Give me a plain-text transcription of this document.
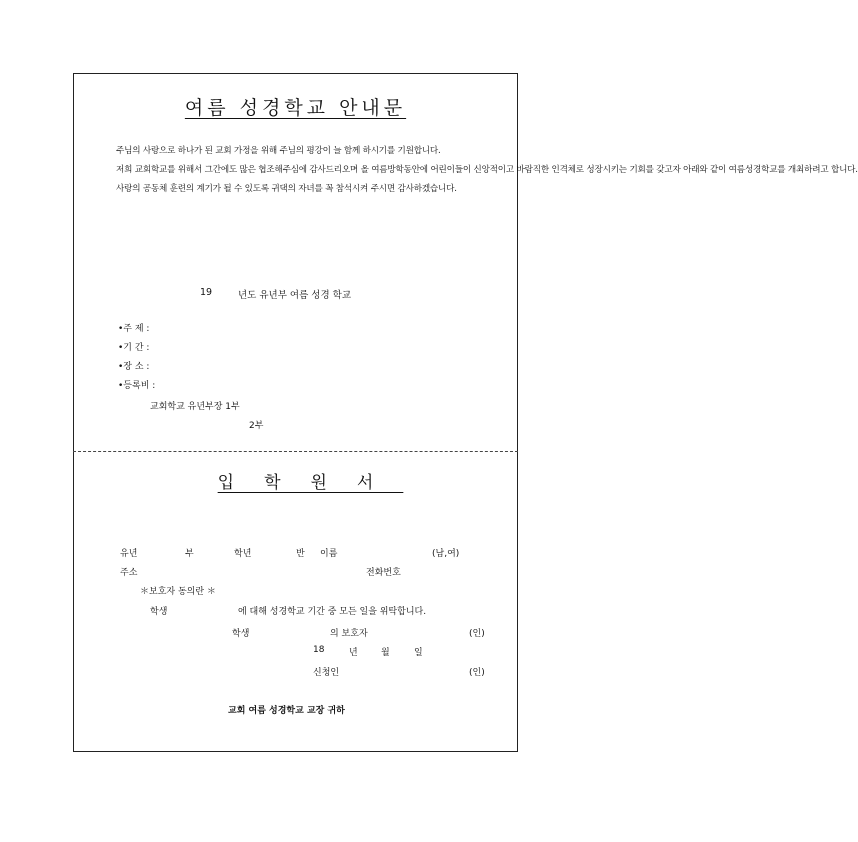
여름 성경학교 안내문

주님의 사랑으로 하나가 된 교회 가정을 위해 주님의 평강이 늘 함께 하시기를 기원합니다.

저희 교회학교를 위해서 그간에도 많은 협조해주심에 감사드리오며 올 여름방학동안에 어린이들이 신앙적이고 바람직한 인격체로 성장시키는 기회를 갖고자 아래와 같이 여름성경학교를 개최하려고 합니다.

사랑의 공동체 훈련의 계기가 될 수 있도록 귀댁의 자녀를 꼭 참석시켜 주시면 감사하겠습니다.

19	년도 유년부 여름 성경 학교
•주 제 :
•기 간 :
•장 소 :
•등록비 :
교회학교 유년부장 1부
2부
입학원서
유년	부	학년	반 이름	(남,여)
주소	전화번호
＊보호자 동의란 ＊
학생	에 대해 성경학교 기간 중 모든 일을 위탁합니다.
학생	의 보호자	(인)
18	년	월	일
신청인	(인)
교회 여름 성경학교 교장 귀하
